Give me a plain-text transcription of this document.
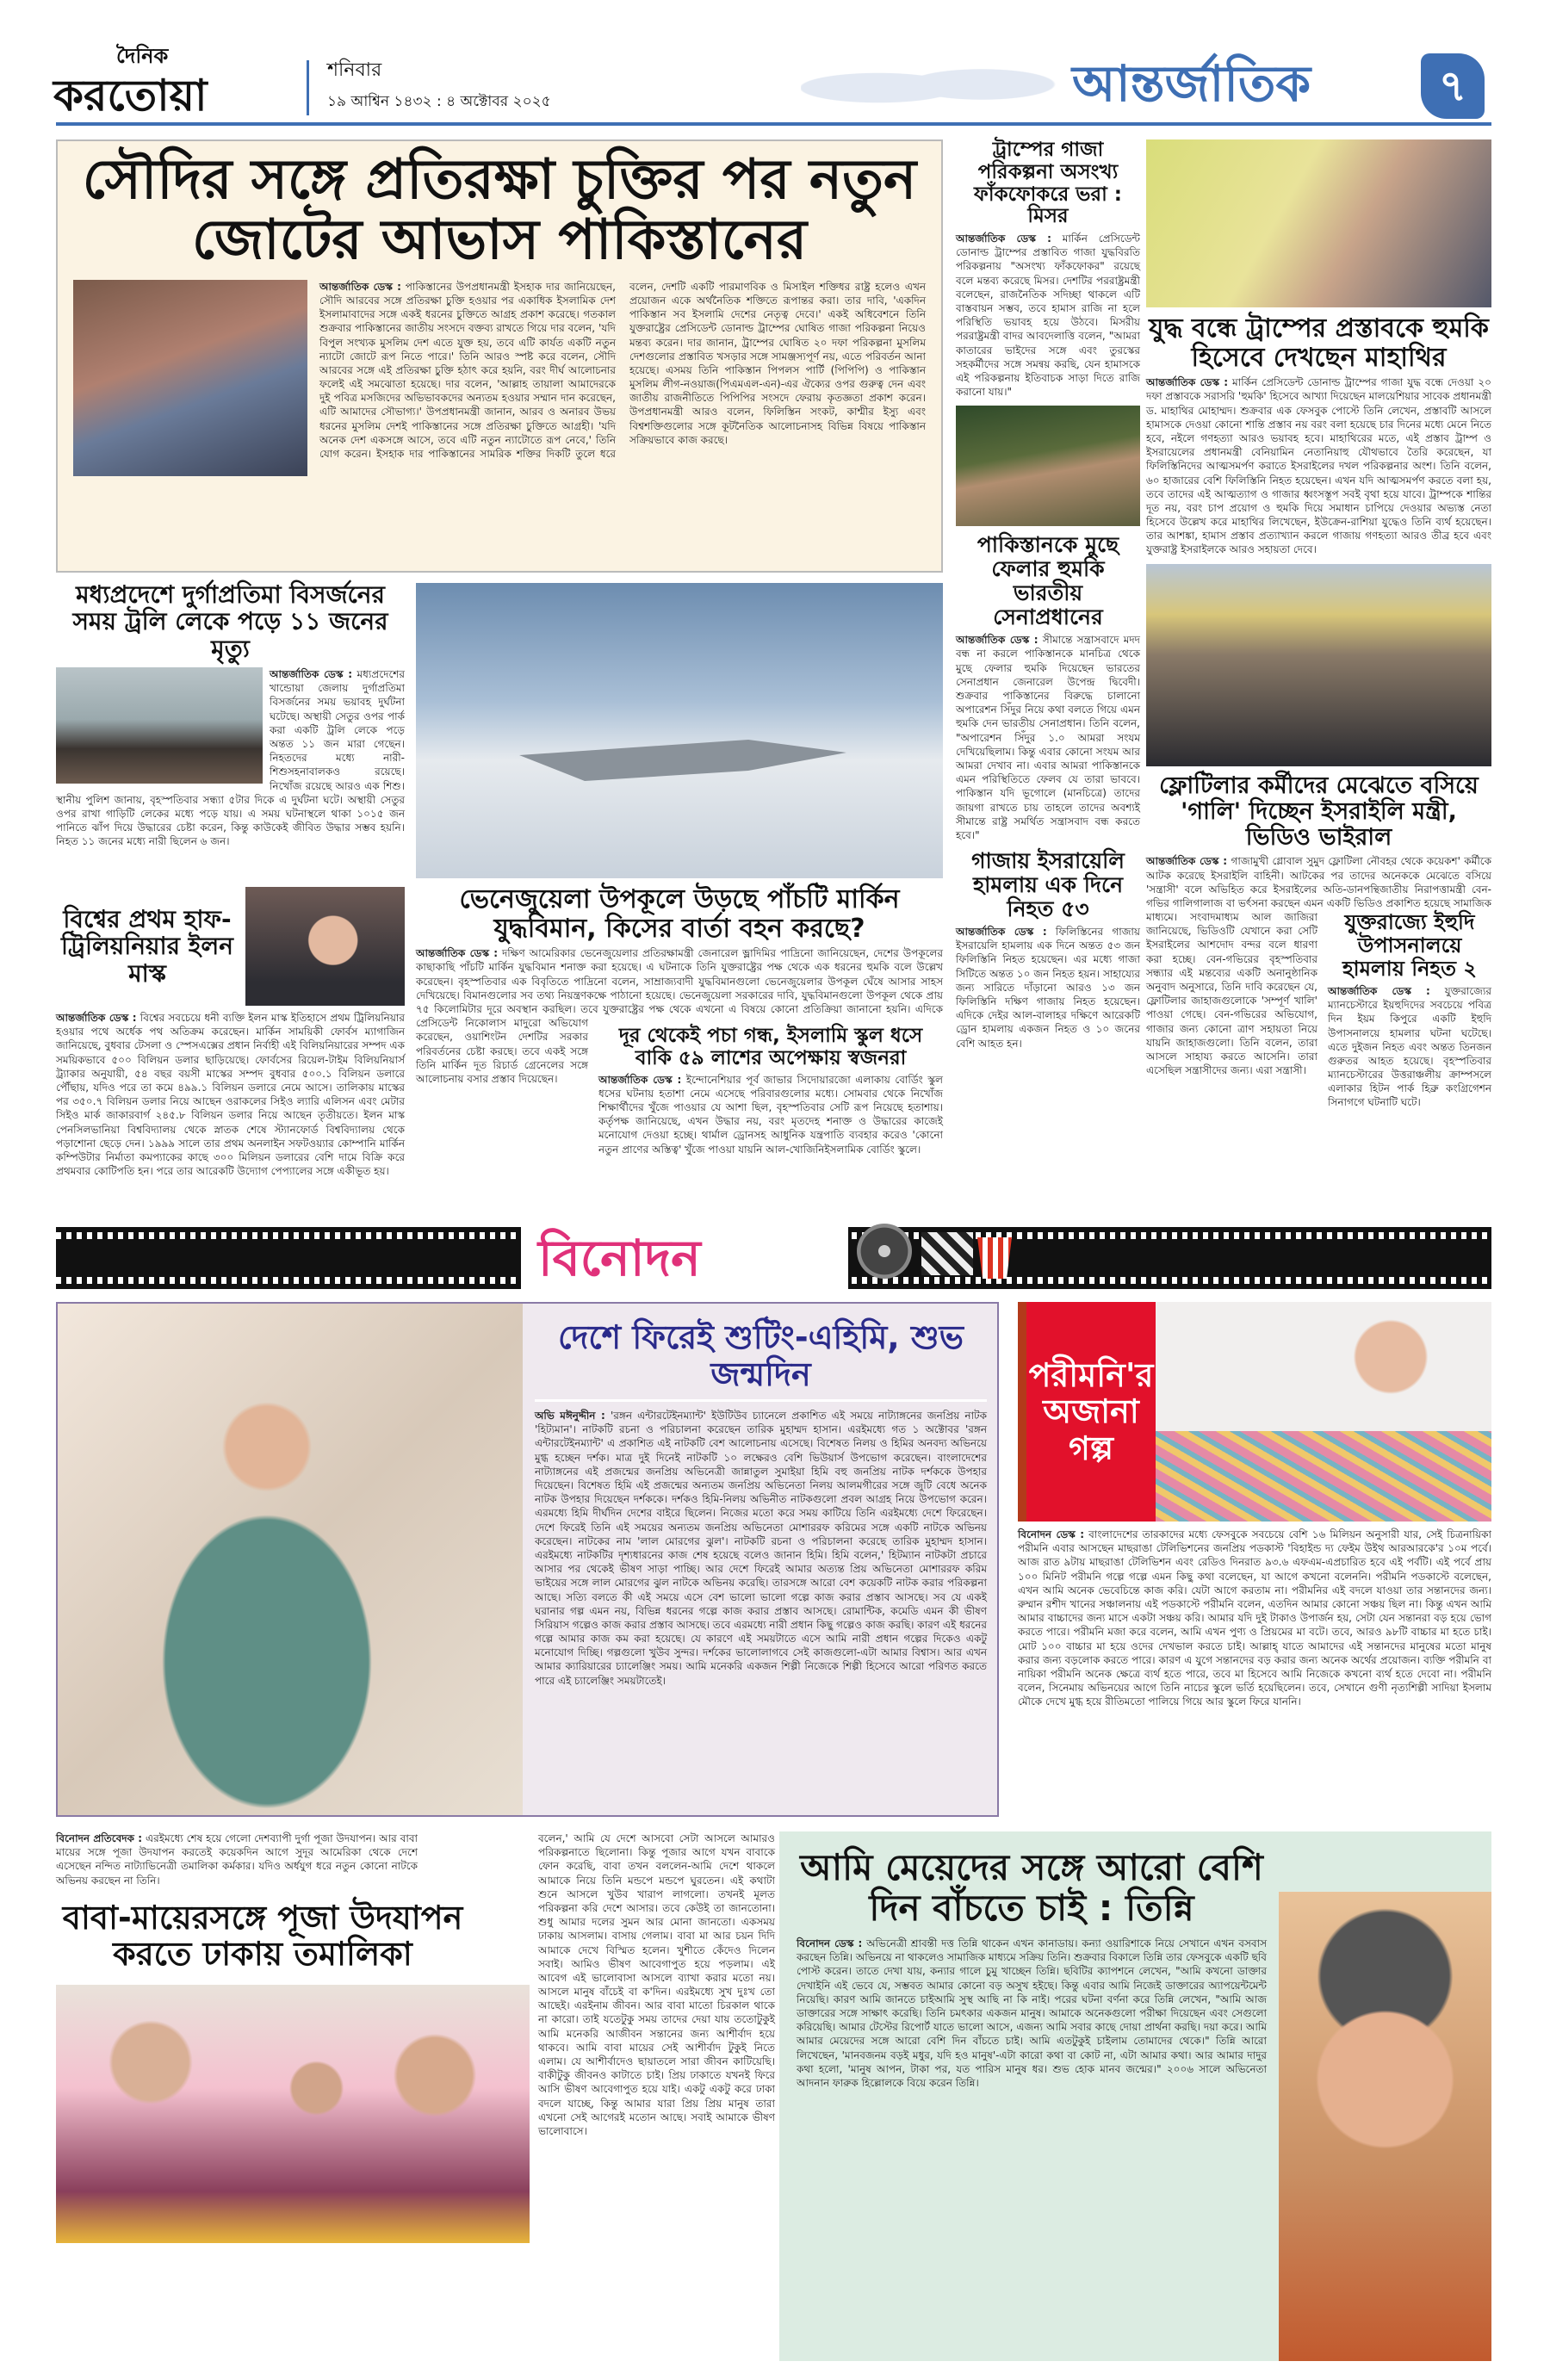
দৈনিক
করতোয়া
শনিবার
১৯ আশ্বিন ১৪৩২ : ৪ অক্টোবর ২০২৫	আন্তর্জাতিক	৭
সৌদির সঙ্গে প্রতিরক্ষা চুক্তির পর নতুন জোটের আভাস পাকিস্তানের
আন্তর্জাতিক ডেস্ক : পাকিস্তানের উপপ্রধানমন্ত্রী ইসহাক দার জানিয়েছেন, সৌদি আরবের সঙ্গে প্রতিরক্ষা চুক্তি হওয়ার পর একাধিক ইসলামিক দেশ ইসলামাবাদের সঙ্গে একই ধরনের চুক্তিতে আগ্রহ প্রকাশ করেছে। গতকাল শুক্রবার পাকিস্তানের জাতীয় সংসদে বক্তব্য রাখতে গিয়ে দার বলেন, 'যদি বিপুল সংখ্যক মুসলিম দেশ এতে যুক্ত হয়, তবে এটি কার্যত একটি নতুন ন্যাটো জোটে রূপ নিতে পারে।' তিনি আরও স্পষ্ট করে বলেন, সৌদি আরবের সঙ্গে এই প্রতিরক্ষা চুক্তি হঠাৎ করে হয়নি, বরং দীর্ঘ আলোচনার ফলেই এই সমঝোতা হয়েছে। দার বলেন, 'আল্লাহ তায়ালা আমাদেরকে দুই পবিত্র মসজিদের অভিভাবকদের অন্যতম হওয়ার সম্মান দান করেছেন, এটি আমাদের সৌভাগ্য।' উপপ্রধানমন্ত্রী জানান, আরব ও অনারব উভয় ধরনের মুসলিম দেশই পাকিস্তানের সঙ্গে প্রতিরক্ষা চুক্তিতে আগ্রহী। 'যদি অনেক দেশ একসঙ্গে আসে, তবে এটি নতুন ন্যাটোতে রূপ নেবে,' তিনি যোগ করেন। ইসহাক দার পাকিস্তানের সামরিক শক্তির দিকটি তুলে ধরে বলেন, দেশটি একটি পারমাণবিক ও মিসাইল শক্তিধর রাষ্ট্র হলেও এখন প্রয়োজন একে অর্থনৈতিক শক্তিতে রূপান্তর করা। তার দাবি, 'একদিন পাকিস্তান সব ইসলামি দেশের নেতৃত্ব দেবে।' একই অধিবেশনে তিনি যুক্তরাষ্ট্রের প্রেসিডেন্ট ডোনাল্ড ট্রাম্পের ঘোষিত গাজা পরিকল্পনা নিয়েও মন্তব্য করেন। দার জানান, ট্রাম্পের ঘোষিত ২০ দফা পরিকল্পনা মুসলিম দেশগুলোর প্রস্তাবিত খসড়ার সঙ্গে সামঞ্জস্যপূর্ণ নয়, এতে পরিবর্তন আনা হয়েছে। এসময় তিনি পাকিস্তান পিপলস পার্টি (পিপিপি) ও পাকিস্তান মুসলিম লীগ-নওয়াজ(পিএমএল-এন)-এর ঐক্যের ওপর গুরুত্ব দেন এবং জাতীয় রাজনীতিতে পিপিপির সংসদে ফেরায় কৃতজ্ঞতা প্রকাশ করেন। উপপ্রধানমন্ত্রী আরও বলেন, ফিলিস্তিন সংকট, কাশ্মীর ইস্যু এবং বিশ্বশক্তিগুলোর সঙ্গে কূটনৈতিক আলোচনাসহ বিভিন্ন বিষয়ে পাকিস্তান সক্রিয়ভাবে কাজ করছে।
ট্রাম্পের গাজা পরিকল্পনা অসংখ্য ফাঁকফোকরে ভরা : মিসর
আন্তর্জাতিক ডেস্ক : মার্কিন প্রেসিডেন্ট ডোনাল্ড ট্রাম্পের প্রস্তাবিত গাজা যুদ্ধবিরতি পরিকল্পনায় "অসংখ্য ফাঁকফোকর" রয়েছে বলে মন্তব্য করেছে মিসর। দেশটির পররাষ্ট্রমন্ত্রী বলেছেন, রাজনৈতিক সদিচ্ছা থাকলে এটি বাস্তবায়ন সম্ভব, তবে হামাস রাজি না হলে পরিস্থিতি ভয়াবহ হয়ে উঠবে। মিসরীয় পররাষ্ট্রমন্ত্রী বাদর আবদেলাত্তি বলেন, "আমরা কাতারের ভাইদের সঙ্গে এবং তুরস্কের সহকর্মীদের সঙ্গে সমন্বয় করছি, যেন হামাসকে এই পরিকল্পনায় ইতিবাচক সাড়া দিতে রাজি করানো যায়।"
পাকিস্তানকে মুছে ফেলার হুমকি ভারতীয় সেনাপ্রধানের
আন্তর্জাতিক ডেস্ক : সীমান্তে সন্ত্রাসবাদে মদদ বন্ধ না করলে পাকিস্তানকে মানচিত্র থেকে মুছে ফেলার হুমকি দিয়েছেন ভারতের সেনাপ্রধান জেনারেল উপেন্দ্র দ্বিবেদী। শুক্রবার পাকিস্তানের বিরুদ্ধে চালানো অপারেশন সিঁদুর নিয়ে কথা বলতে গিয়ে এমন হুমকি দেন ভারতীয় সেনাপ্রধান। তিনি বলেন, "অপারেশন সিঁদুর ১.০ আমরা সংযম দেখিয়েছিলাম। কিন্তু এবার কোনো সংযম আর আমরা দেখাব না। এবার আমরা পাকিস্তানকে এমন পরিস্থিতিতে ফেলব যে তারা ভাববে। পাকিস্তান যদি ভূগোলে (মানচিত্রে) তাদের জায়গা রাখতে চায় তাহলে তাদের অবশ্যই সীমান্তে রাষ্ট্র সমর্থিত সন্ত্রাসবাদ বন্ধ করতে হবে।"
গাজায় ইসরায়েলি হামলায় এক দিনে নিহত ৫৩
আন্তর্জাতিক ডেস্ক : ফিলিস্তিনের গাজায় ইসরায়েলি হামলায় এক দিনে অন্তত ৫৩ জন ফিলিস্তিনি নিহত হয়েছেন। এর মধ্যে গাজা সিটিতে অন্তত ১০ জন নিহত হয়ন। সাহায্যের জন্য সারিতে দাঁড়ানো আরও ১৩ জন ফিলিস্তিনি দক্ষিণ গাজায় নিহত হয়েছেন। এদিকে দেইর আল-বালাহর দক্ষিণে আরেকটি ড্রোন হামলায় একজন নিহত ও ১০ জনের বেশি আহত হন।
যুদ্ধ বন্ধে ট্রাম্পের প্রস্তাবকে হুমকি হিসেবে দেখছেন মাহাথির
আন্তর্জাতিক ডেস্ক : মার্কিন প্রেসিডেন্ট ডোনাল্ড ট্রাম্পের গাজা যুদ্ধ বন্ধে দেওয়া ২০ দফা প্রস্তাবকে সরাসরি 'হুমকি' হিসেবে আখ্যা দিয়েছেন মালয়েশিয়ার সাবেক প্রধানমন্ত্রী ড. মাহাথির মোহাম্মদ। শুক্রবার এক ফেসবুক পোস্টে তিনি লেখেন, প্রস্তাবটি আসলে হামাসকে দেওয়া কোনো শান্তি প্রস্তাব নয় বরং বলা হয়েছে চার দিনের মধ্যে মেনে নিতে হবে, নইলে গণহত্যা আরও ভয়াবহ হবে। মাহাথিরের মতে, এই প্রস্তাব ট্রাম্প ও ইসরায়েলের প্রধানমন্ত্রী বেনিয়ামিন নেতানিয়াহু যৌথভাবে তৈরি করেছেন, যা ফিলিস্তিনিদের আত্মসমর্পণ করাতে ইসরাইলের দখল পরিকল্পনার অংশ। তিনি বলেন, ৬০ হাজারের বেশি ফিলিস্তিনি নিহত হয়েছেন। এখন যদি আত্মসমর্পণ করতে বলা হয়, তবে তাদের এই আত্মত্যাগ ও গাজার ধ্বংসস্তূপ সবই বৃথা হয়ে যাবে। ট্রাম্পকে শান্তির দূত নয়, বরং চাপ প্রয়োগ ও হুমকি দিয়ে সমাধান চাপিয়ে দেওয়ার অভ্যস্ত নেতা হিসেবে উল্লেখ করে মাহাথির লিখেছেন, ইউক্রেন-রাশিয়া যুদ্ধেও তিনি ব্যর্থ হয়েছেন। তার আশঙ্কা, হামাস প্রস্তাব প্রত্যাখ্যান করলে গাজায় গণহত্যা আরও তীব্র হবে এবং যুক্তরাষ্ট্র ইসরাইলকে আরও সহায়তা দেবে।
ফ্লোটিলার কর্মীদের মেঝেতে বসিয়ে 'গালি' দিচ্ছেন ইসরাইলি মন্ত্রী, ভিডিও ভাইরাল
যুক্তরাজ্যে ইহুদি উপাসনালয়ে হামলায় নিহত ২
আন্তর্জাতিক ডেস্ক : যুক্তরাজ্যের ম্যানচেস্টারে ইয়হুদিদের সবচেয়ে পবিত্র দিন ইয়ম কিপুরে একটি ইহুদি উপাসনালয়ে হামলার ঘটনা ঘটেছে। এতে দুইজন নিহত এবং অন্তত তিনজন গুরুতর আহত হয়েছে। বৃহস্পতিবার ম্যানচেস্টারের উত্তরাঞ্চলীয় ক্রাম্পসলে এলাকার হিটন পার্ক হিব্রু কংগ্রিগেশন সিনাগগে ঘটনাটি ঘটে।
আন্তর্জাতিক ডেস্ক : গাজামুখী গ্লোবাল সুমুদ ফ্লোটিলা নৌবহর থেকে কয়েকশ' কর্মীকে আটক করেছে ইসরাইলি বাহিনী। আটকের পর তাদের অনেককে মেঝেতে বসিয়ে 'সন্ত্রাসী' বলে অভিহিত করে ইসরাইলের অতি-ডানপন্থিজাতীয় নিরাপত্তামন্ত্রী বেন-গভির গালিগালাজ বা ভর্ৎসনা করছেন এমন একটি ভিডিও প্রকাশিত হয়েছে সামাজিক মাধ্যমে। সংবাদমাধ্যম আল জাজিরা জানিয়েছে, ভিডিওটি যেখানে করা সেটি ইসরাইলের আশদোদ বন্দর বলে ধারণা করা হচ্ছে। বেন-গভিরের বৃহস্পতিবার সন্ধ্যার এই মন্তব্যের একটি অনানুষ্ঠানিক অনুবাদ অনুসারে, তিনি দাবি করেছেন যে, ফ্লোটিলার জাহাজগুলোকে 'সম্পূর্ণ খালি' পাওয়া গেছে। বেন-গভিরের অভিযোগ, গাজার জন্য কোনো ত্রাণ সহায়তা নিয়ে যায়নি জাহাজগুলো। তিনি বলেন, তারা আসলে সাহায্য করতে আসেনি। তারা এসেছিল সন্ত্রাসীদের জন্য। এরা সন্ত্রাসী।
মধ্যপ্রদেশে দুর্গাপ্রতিমা বিসর্জনের সময় ট্রলি লেকে পড়ে ১১ জনের মৃত্যু
আন্তর্জাতিক ডেস্ক : মধ্যপ্রদেশের খান্ডোয়া জেলায় দুর্গাপ্রতিমা বিসর্জনের সময় ভয়াবহ দুর্ঘটনা ঘটেছে। অস্থায়ী সেতুর ওপর পার্ক করা একটি ট্রলি লেকে পড়ে অন্তত ১১ জন মারা গেছেন। নিহতদের মধ্যে নারী-শিশুসহনাবালকও রয়েছে। নিখোঁজ রয়েছে আরও এক শিশু। স্থানীয় পুলিশ জানায়, বৃহস্পতিবার সন্ধ্যা ৫টার দিকে এ দুর্ঘটনা ঘটে। অস্থায়ী সেতুর ওপর রাখা গাড়িটি লেকের মধ্যে পড়ে যায়। এ সময় ঘটনাস্থলে থাকা ১০১৫ জন পানিতে ঝাঁপ দিয়ে উদ্ধারের চেষ্টা করেন, কিন্তু কাউকেই জীবিত উদ্ধার সম্ভব হয়নি। নিহত ১১ জনের মধ্যে নারী ছিলেন ৬ জন।
বিশ্বের প্রথম হাফ-ট্রিলিয়নিয়ার ইলন মাস্ক
আন্তর্জাতিক ডেস্ক : বিশ্বের সবচেয়ে ধনী ব্যক্তি ইলন মাস্ক ইতিহাসে প্রথম ট্রিলিয়নিয়ার হওয়ার পথে অর্ধেক পথ অতিক্রম করেছেন। মার্কিন সাময়িকী ফোর্বস ম্যাগাজিন জানিয়েছে, বুধবার টেসলা ও স্পেসএক্সের প্রধান নির্বাহী এই বিলিয়নিয়ারের সম্পদ এক সময়িকভাবে ৫০০ বিলিয়ন ডলার ছাড়িয়েছে। ফোর্বসের রিয়েল-টাইম বিলিয়নিয়ার্স ট্র্যাকার অনুযায়ী, ৫৪ বছর বয়সী মাস্কের সম্পদ বুধবার ৫০০.১ বিলিয়ন ডলারে পৌঁছায়, যদিও পরে তা কমে ৪৯৯.১ বিলিয়ন ডলারে নেমে আসে। তালিকায় মাস্কের পর ৩৫০.৭ বিলিয়ন ডলার নিয়ে আছেন ওরাকলের সিইও ল্যারি এলিসন এবং মেটার সিইও মার্ক জাকারবার্গ ২৪৫.৮ বিলিয়ন ডলার নিয়ে আছেন তৃতীয়তে। ইলন মাস্ক পেনসিলভানিয়া বিশ্ববিদ্যালয় থেকে স্নাতক শেষে স্ট্যানফোর্ড বিশ্ববিদ্যালয় থেকে পড়াশোনা ছেড়ে দেন। ১৯৯৯ সালে তার প্রথম অনলাইন সফটওয়্যার কোম্পানি মার্কিন কম্পিউটার নির্মাতা কমপ্যাকের কাছে ৩০০ মিলিয়ন ডলারের বেশি দামে বিক্রি করে প্রথমবার কোটিপতি হন। পরে তার আরেকটি উদ্যোগ পেপ্যালের সঙ্গে একীভূত হয়।
ভেনেজুয়েলা উপকূলে উড়ছে পাঁচটি মার্কিন যুদ্ধবিমান, কিসের বার্তা বহন করছে?
দূর থেকেই পচা গন্ধ, ইসলামি স্কুল ধসে বাকি ৫৯ লাশের অপেক্ষায় স্বজনরা
আন্তর্জাতিক ডেস্ক : ইন্দোনেশিয়ার পূর্ব জাভার সিদোয়ারজো এলাকায় বোর্ডিং স্কুল ধসের ঘটনায় হতাশা নেমে এসেছে পরিবারগুলোর মধ্যে। সোমবার থেকে নিখোঁজ শিক্ষার্থীদের খুঁজে পাওয়ার যে আশা ছিল, বৃহস্পতিবার সেটি রূপ নিয়েছে হতাশায়। কর্তৃপক্ষ জানিয়েছে, এখন উদ্ধার নয়, বরং মৃতদেহ শনাক্ত ও উদ্ধারের কাজেই মনোযোগ দেওয়া হচ্ছে। থার্মাল ড্রোনসহ আধুনিক যন্ত্রপাতি ব্যবহার করেও 'কোনো নতুন প্রাণের অস্তিত্ব' খুঁজে পাওয়া যায়নি আল-খোজিনিইসলামিক বোর্ডিং স্কুলে।
আন্তর্জাতিক ডেস্ক : দক্ষিণ আমেরিকার ভেনেজুয়েলার প্রতিরক্ষামন্ত্রী জেনারেল ভ্লাদিমির পাদ্রিনো জানিয়েছেন, দেশের উপকূলের কাছাকাছি পাঁচটি মার্কিন যুদ্ধবিমান শনাক্ত করা হয়েছে। এ ঘটনাকে তিনি যুক্তরাষ্ট্রের পক্ষ থেকে এক ধরনের হুমকি বলে উল্লেখ করেছেন। বৃহস্পতিবার এক বিবৃতিতে পাদ্রিনো বলেন, সাম্রাজ্যবাদী যুদ্ধবিমানগুলো ভেনেজুয়েলার উপকূল ঘেঁষে আসার সাহস দেখিয়েছে। বিমানগুলোর সব তথ্য নিয়ন্ত্রণকক্ষে পাঠানো হয়েছে। ভেনেজুয়েলা সরকারের দাবি, যুদ্ধবিমানগুলো উপকূল থেকে প্রায় ৭৫ কিলোমিটার দূরে অবস্থান করছিল। তবে যুক্তরাষ্ট্রের পক্ষ থেকে এখনো এ বিষয়ে কোনো প্রতিক্রিয়া জানানো হয়নি। এদিকে প্রেসিডেন্ট নিকোলাস মাদুরো অভিযোগ করেছেন, ওয়াশিংটন দেশটির সরকার পরিবর্তনের চেষ্টা করছে। তবে একই সঙ্গে তিনি মার্কিন দূত রিচার্ড গ্রেনেলের সঙ্গে আলোচনায় বসার প্রস্তাব দিয়েছেন।
বিনোদন
দেশে ফিরেই শুটিং-এহিমি, শুভ জন্মদিন
অভি মঈনুদ্দীন : 'রঙ্গন এন্টারটেইনম্যান্ট' ইউটিউব চ্যানেলে প্রকাশিত এই সময়ে নাট্যাঙ্গনের জনপ্রিয় নাটক 'হিট্যমান'। নাটকটি রচনা ও পরিচালনা করেছেন তারিক মুহাম্মদ হাসান। এরইমধ্যে গত ১ অক্টোবর 'রঙ্গন এন্টারটেইনম্যান্ট' এ প্রকাশিত এই নাটকটি বেশ আলোচনায় এসেছে। বিশেষত নিলয় ও হিমির অনবদ্য অভিনয়ে মুগ্ধ হচ্ছেন দর্শক। মাত্র দুই দিনেই নাটকটি ১০ লক্ষেরও বেশি ভিউয়ার্স উপভোগ করেছেন। বাংলাদেশের নাট্যাঙ্গনের এই প্রজন্মের জনপ্রিয় অভিনেত্রী জান্নাতুল সুমাইয়া হিমি বহু জনপ্রিয় নাটক দর্শককে উপহার দিয়েছেন। বিশেষত হিমি এই প্রজন্মের অন্যতম জনপ্রিয় অভিনেতা নিলয় আলমগীরের সঙ্গে জুটি বেধে অনেক নাটক উপহার দিয়েছেন দর্শককে। দর্শকও হিমি-নিলয় অভিনীত নাটকগুলো প্রবল আগ্রহ নিয়ে উপভোগ করেন। এরমধ্যে হিমি দীর্ঘদিন দেশের বাইরে ছিলেন। নিজের মতো করে সময় কাটিয়ে তিনি এরইমধ্যে দেশে ফিরেছেন। দেশে ফিরেই তিনি এই সময়ের অন্যতম জনপ্রিয় অভিনেতা মোশাররফ করিমের সঙ্গে একটি নাটকে অভিনয় করেছেন। নাটকের নাম 'লাল মোরগের ঝুল'। নাটকটি রচনা ও পরিচালনা করেছে তারিক মুহাম্মদ হাসান। এরইমধ্যে নাটকটির দৃশ্যধারনের কাজ শেষ হয়েছে বলেও জানান হিমি। হিমি বলেন,' হিটম্যান নাটকটা প্রচারে আসার পর থেকেই ভীষণ সাড়া পাচ্ছি। আর দেশে ফিরেই আমার অত্যন্ত প্রিয় অভিনেতা মোশাররফ করিম ভাইয়ের সঙ্গে লাল মোরগের ঝুল নাটকে অভিনয় করেছি। তারসঙ্গে আরো বেশ কয়েকটি নাটক করার পরিকল্পনা আছে। সত্যি বলতে কী এই সময়ে এসে বেশ ভালো ভালো গল্পে কাজ করার প্রস্তাব আসছে। সব যে একই ঘরানার গল্প এমন নয়, বিভিন্ন ধরনের গল্পে কাজ করার প্রস্তাব আসছে। রোমান্টিক, কমেডি এমন কী ভীষণ সিরিয়াস গল্পেও কাজ করার প্রস্তাব আসছে। তবে এরমধ্যে নারী প্রধান কিছু গল্পেও কাজ করছি। কারণ এই ধরনের গল্পে আমার কাজ কম করা হয়েছে। যে কারণে এই সময়টাতে এসে আমি নারী প্রধান গল্পের দিকেও একটু মনোযোগ দিচ্ছি। গল্পগুলো খুউব সুন্দর। দর্শকের ভালোলাগবে সেই কাজগুলো-এটা আমার বিশ্বাস। আর এখন আমার ক্যারিয়ারের চ্যালেঞ্জিং সময়। আমি মনেকরি একজন শিল্পী নিজেকে শিল্পী হিসেবে আরো পরিণত করতে পারে এই চ্যালেঞ্জিং সময়টাতেই।
পরীমনি'র
অজানা
গল্প
বিনোদন ডেস্ক : বাংলাদেশের তারকাদের মধ্যে ফেসবুকে সবচেয়ে বেশি ১৬ মিলিয়ন অনুসারী যার, সেই চিত্রনায়িকা পরীমনি এবার আসছেন মাছরাঙা টেলিভিশনের জনপ্রিয় পডকাস্ট 'বিহাইন্ড দ্য ফেইম উইথ আরআরকে'র ১০ম পর্বে। আজ রাত ৯টায় মাছরাঙা টেলিভিশন এবং রেডিও দিনরাত ৯৩.৬ এফএম-এপ্রচারিত হবে এই পর্বটি। এই পর্বে প্রায় ১০০ মিনিট পরীমনি গল্পে গল্পে এমন কিছু কথা বলেছেন, যা আগে কখনো বলেননি। পরীমনি পডকাস্টে বলেছেন, এখন আমি অনেক ভেবেচিন্তে কাজ করি। যেটা আগে করতাম না। পরীমনির এই বদলে যাওয়া তার সন্তানদের জন্য। রুম্মান রশীদ খানের সঞ্চালনায় এই পডকাস্টে পরীমনি বলেন, এতদিন আমার কোনো সঞ্চয় ছিল না। কিন্তু এখন আমি আমার বাচ্চাদের জন্য মাসে একটা সঞ্চয় করি। আমার যদি দুই টাকাও উপার্জন হয়, সেটা যেন সন্তানরা বড় হয়ে ভোগ করতে পারে। পরীমনি মজা করে বলেন, আমি এখন পুণ্য ও প্রিয়মের মা বটে। তবে, আরও ৯৮টি বাচ্চার মা হতে চাই। মোট ১০০ বাচ্চার মা হয়ে ওদের দেখভাল করতে চাই। আল্লাহ্ যাতে আমাদের এই সন্তানদের মানুষের মতো মানুষ করার জন্য বড়লোক করতে পারে। কারণ এ যুগে সন্তানদের বড় করার জন্য অনেক অর্থের প্রয়োজন। ব্যক্তি পরীমনি বা নায়িকা পরীমনি অনেক ক্ষেত্রে ব্যর্থ হতে পারে, তবে মা হিসেবে আমি নিজেকে কখনো ব্যর্থ হতে দেবো না। পরীমনি বলেন, সিনেমায় অভিনয়ের আগে তিনি নাচের স্কুলে ভর্তি হয়েছিলেন। তবে, সেখানে গুণী নৃত্যশিল্পী সাদিয়া ইসলাম মৌকে দেখে মুগ্ধ হয়ে রীতিমতো পালিয়ে গিয়ে আর স্কুলে ফিরে যাননি।
বিনোদন প্রতিবেদক : এরইমধ্যে শেষ হয়ে গেলো দেশব্যাপী দুর্গা পূজা উদযাপন। আর বাবা মায়ের সঙ্গে পূজা উদযাপন করতেই কয়েকদিন আগে সুদূর আমেরিকা থেকে দেশে এসেছেন নন্দিত নাট্যাভিনেত্রী তমালিকা কর্মকার। যদিও অর্ধযুগ ধরে নতুন কোনো নাটকে অভিনয় করছেন না তিনি।
বাবা-মায়েরসঙ্গে পূজা উদযাপন করতে ঢাকায় তমালিকা
বলেন,' আমি যে দেশে আসবো সেটা আসলে আমারও পরিকল্পনাতে ছিলোনা। কিন্তু পূজার আগে যখন বাবাকে ফোন করেছি, বাবা তখন বললেন-আমি দেশে থাকলে আমাকে নিয়ে তিনি মন্ডপে মন্ডপে ঘুরতেন। এই কথাটা শুনে আসলে খুউব খারাপ লাগলো। তখনই মূলত পরিকল্পনা করি দেশে আসার। তবে কেউই তা জানতোনা। শুধু আমার দলের সুমন আর মোনা জানতো। একসময় ঢাকায় আসলাম। বাসায় গেলাম। বাবা মা আর চয়ন দিদি আমাকে দেখে বিস্মিত হলেন। খুশীতে কেঁদেও দিলেন সবাই। আমিও ভীষণ আবেগাপুত হয়ে পড়লাম। এই আবেগ এই ভালোবাসা আসলে ব্যাখা করার মতো নয়। আসলে মানুষ বাঁচেই বা ক'দিন। এরইমধ্যে সুখ দুঃখ তো আছেই। এরইনাম জীবন। আর বাবা মাতো চিরকাল থাকে না কারো। তাই যতেটুকু সময় তাদের দেয়া যায় ততোটুকুই আমি মনেকরি আজীবন সন্তানের জন্য আশীর্বাদ হয়ে থাকবে। আমি বাবা মায়ের সেই আশীর্বাদ টুকুই নিতে এলাম। যে আশীর্বাদেও ছায়াতলে সারা জীবন কাটিয়েছি। বাকীটুকু জীবনও কাটাতে চাই। প্রিয় ঢাকাতে যখনই ফিরে আসি ভীষণ আবেগাপুত হয়ে যাই। একটু একটু করে ঢাকা বদলে যাচ্ছে, কিন্তু আমার যারা প্রিয় প্রিয় মানুষ তারা এখনো সেই আগেরই মতোন আছে। সবাই আমাকে ভীষণ ভালোবাসে।
আমি মেয়েদের সঙ্গে আরো বেশি দিন বাঁচতে চাই : তিন্নি
বিনোদন ডেস্ক : অভিনেত্রী শ্রাবন্তী দত্ত তিন্নি থাকেন এখন কানাডায়। কন্যা ওয়ারিশাকে নিয়ে সেখানে এখন বসবাস করছেন তিন্নি। অভিনয়ে না থাকলেও সামাজিক মাধ্যমে সক্রিয় তিনি। শুক্রবার বিকালে তিন্নি তার ফেসবুকে একটি ছবি পোস্ট করেন। তাতে দেখা যায়, কন্যার গালে চুমু খাচ্ছেন তিন্নি। ছবিটির ক্যাপশনে লেখেন, "আমি কখনো ডাক্তার দেখাইনি এই ভেবে যে, সম্ভবত আমার কোনো বড় অসুখ হইছে। কিন্তু এবার আমি নিজেই ডাক্তারের অ্যাপয়েন্টমেন্ট নিয়েছি। কারণ আমি জানতে চাইআমি সুস্থ আছি না কি নাই। পরের ঘটনা বর্ণনা করে তিন্নি লেখেন, "আমি আজ ডাক্তারের সঙ্গে সাক্ষাৎ করেছি। তিনি চমৎকার একজন মানুষ। আমাকে অনেকগুলো পরীক্ষা দিয়েছেন এবং সেগুলো করিয়েছি। আমার টেস্টের রিপোর্ট যাতে ভালো আসে, এজন্য আমি সবার কাছে দোয়া প্রার্থনা করছি। দয়া করে। আমি আমার মেয়েদের সঙ্গে আরো বেশি দিন বাঁচতে চাই। আমি এতটুকুই চাইলাম তোমাদের থেকে।" তিন্নি আরো লিখেছেন, 'মানবজনম বড়ই মধুর, যদি হও মানুষ'-এটা কারো কথা বা কোট না, এটা আমার কথা। আর আমার দাদুর কথা হলো, 'মানুষ আপন, টাকা পর, যত পারিস মানুষ ধর। শুভ হোক মানব জন্মের।" ২০০৬ সালে অভিনেতা আদনান ফারুক হিল্লোলকে বিয়ে করেন তিন্নি।
